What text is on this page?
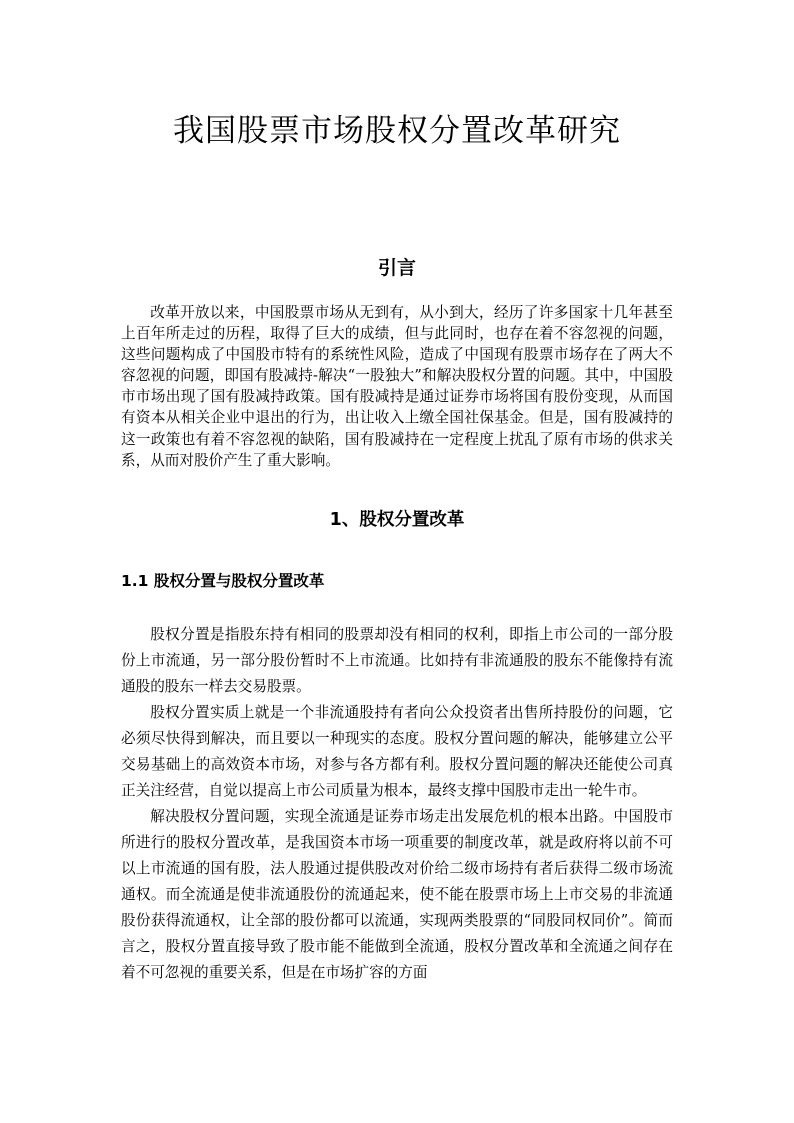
我国股票市场股权分置改革研究
引言

改革开放以来，中国股票市场从无到有，从小到大，经历了许多国家十几年甚至上百年所走过的历程，取得了巨大的成绩，但与此同时，也存在着不容忽视的问题，这些问题构成了中国股市特有的系统性风险，造成了中国现有股票市场存在了两大不容忽视的问题，即国有股减持-解决“一股独大”和解决股权分置的问题。其中，中国股市市场出现了国有股减持政策。国有股减持是通过证券市场将国有股份变现，从而国有资本从相关企业中退出的行为，出让收入上缴全国社保基金。但是，国有股减持的这一政策也有着不容忽视的缺陷，国有股减持在一定程度上扰乱了原有市场的供求关系，从而对股价产生了重大影响。

1、股权分置改革
1.1 股权分置与股权分置改革

股权分置是指股东持有相同的股票却没有相同的权利，即指上市公司的一部分股份上市流通，另一部分股份暂时不上市流通。比如持有非流通股的股东不能像持有流通股的股东一样去交易股票。

股权分置实质上就是一个非流通股持有者向公众投资者出售所持股份的问题，它必须尽快得到解决，而且要以一种现实的态度。股权分置问题的解决，能够建立公平交易基础上的高效资本市场，对参与各方都有利。股权分置问题的解决还能使公司真正关注经营，自觉以提高上市公司质量为根本，最终支撑中国股市走出一轮牛市。

解决股权分置问题，实现全流通是证券市场走出发展危机的根本出路。中国股市所进行的股权分置改革，是我国资本市场一项重要的制度改革，就是政府将以前不可以上市流通的国有股，法人股通过提供股改对价给二级市场持有者后获得二级市场流通权。而全流通是使非流通股份的流通起来，使不能在股票市场上上市交易的非流通股份获得流通权，让全部的股份都可以流通，实现两类股票的“同股同权同价”。简而言之，股权分置直接导致了股市能不能做到全流通，股权分置改革和全流通之间存在着不可忽视的重要关系，但是在市场扩容的方面
